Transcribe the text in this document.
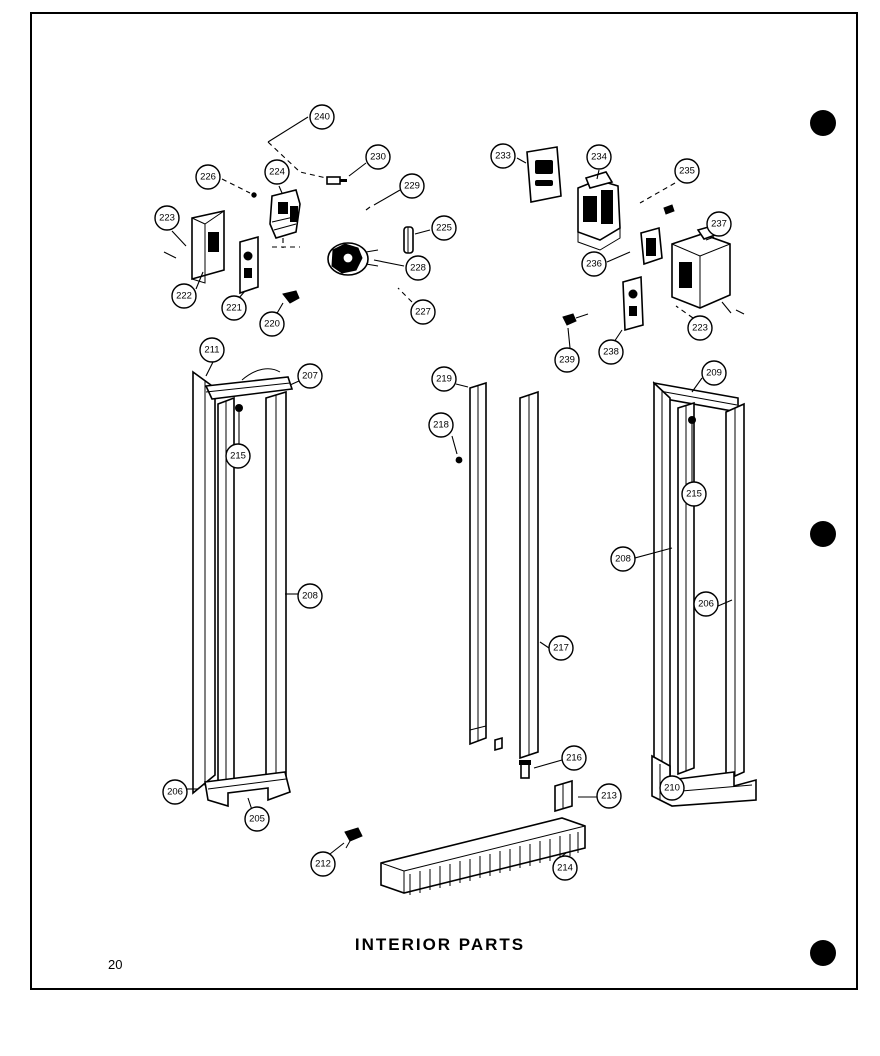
240
226	224
230
229
233	234
235
223
225	237
228	236
222
221
220
227
223
239
238
211
207	219
209
218
215
215
208
208
206
217
216
210
206	213
205
212	214
INTERIOR PARTS
20
